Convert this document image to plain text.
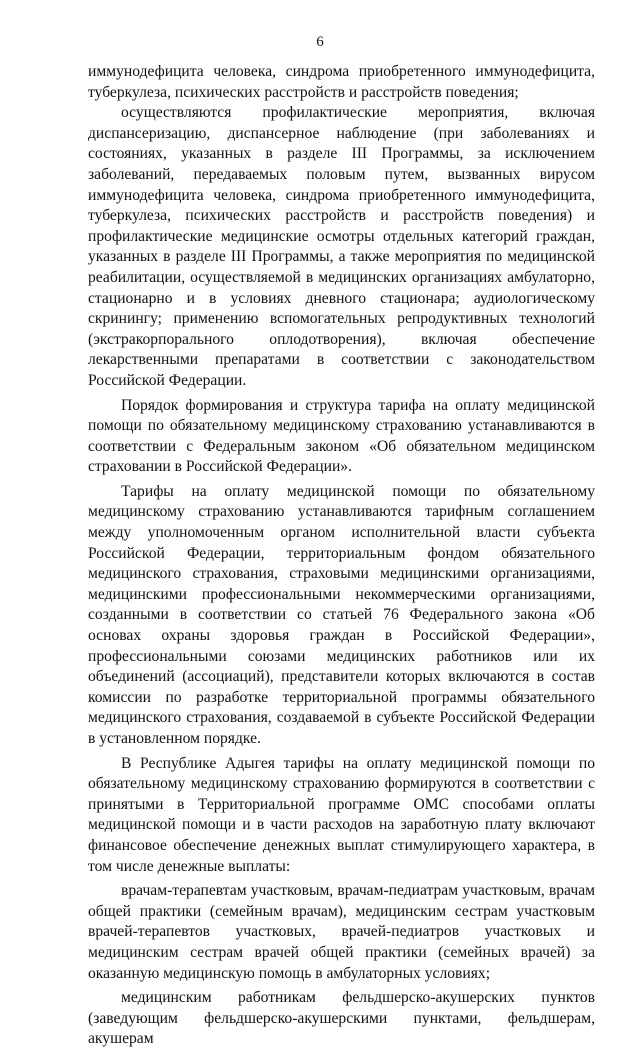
6

иммунодефицита человека, синдрома приобретенного иммунодефицита, туберкулеза, психических расстройств и расстройств поведения;

осуществляются профилактические мероприятия, включая диспансеризацию, диспансерное наблюдение (при заболеваниях и состояниях, указанных в разделе III Программы, за исключением заболеваний, передаваемых половым путем, вызванных вирусом иммунодефицита человека, синдрома приобретенного иммунодефицита, туберкулеза, психических расстройств и расстройств поведения) и профилактические медицинские осмотры отдельных категорий граждан, указанных в разделе III Программы, а также мероприятия по медицинской реабилитации, осуществляемой в медицинских организациях амбулаторно, стационарно и в условиях дневного стационара; аудиологическому скринингу; применению вспомогательных репродуктивных технологий (экстракорпорального оплодотворения), включая обеспечение лекарственными препаратами в соответствии с законодательством Российской Федерации.

Порядок формирования и структура тарифа на оплату медицинской помощи по обязательному медицинскому страхованию устанавливаются в соответствии с Федеральным законом «Об обязательном медицинском страховании в Российской Федерации».

Тарифы на оплату медицинской помощи по обязательному медицинскому страхованию устанавливаются тарифным соглашением между уполномоченным органом исполнительной власти субъекта Российской Федерации, территориальным фондом обязательного медицинского страхования, страховыми медицинскими организациями, медицинскими профессиональными некоммерческими организациями, созданными в соответствии со статьей 76 Федерального закона «Об основах охраны здоровья граждан в Российской Федерации», профессиональными союзами медицинских работников или их объединений (ассоциаций), представители которых включаются в состав комиссии по разработке территориальной программы обязательного медицинского страхования, создаваемой в субъекте Российской Федерации в установленном порядке.

В Республике Адыгея тарифы на оплату медицинской помощи по обязательному медицинскому страхованию формируются в соответствии с принятыми в Территориальной программе ОМС способами оплаты медицинской помощи и в части расходов на заработную плату включают финансовое обеспечение денежных выплат стимулирующего характера, в том числе денежные выплаты:

врачам-терапевтам участковым, врачам-педиатрам участковым, врачам общей практики (семейным врачам), медицинским сестрам участковым врачей-терапевтов участковых, врачей-педиатров участковых и медицинским сестрам врачей общей практики (семейных врачей) за оказанную медицинскую помощь в амбулаторных условиях;

медицинским работникам фельдшерско-акушерских пунктов (заведующим фельдшерско-акушерскими пунктами, фельдшерам, акушерам
